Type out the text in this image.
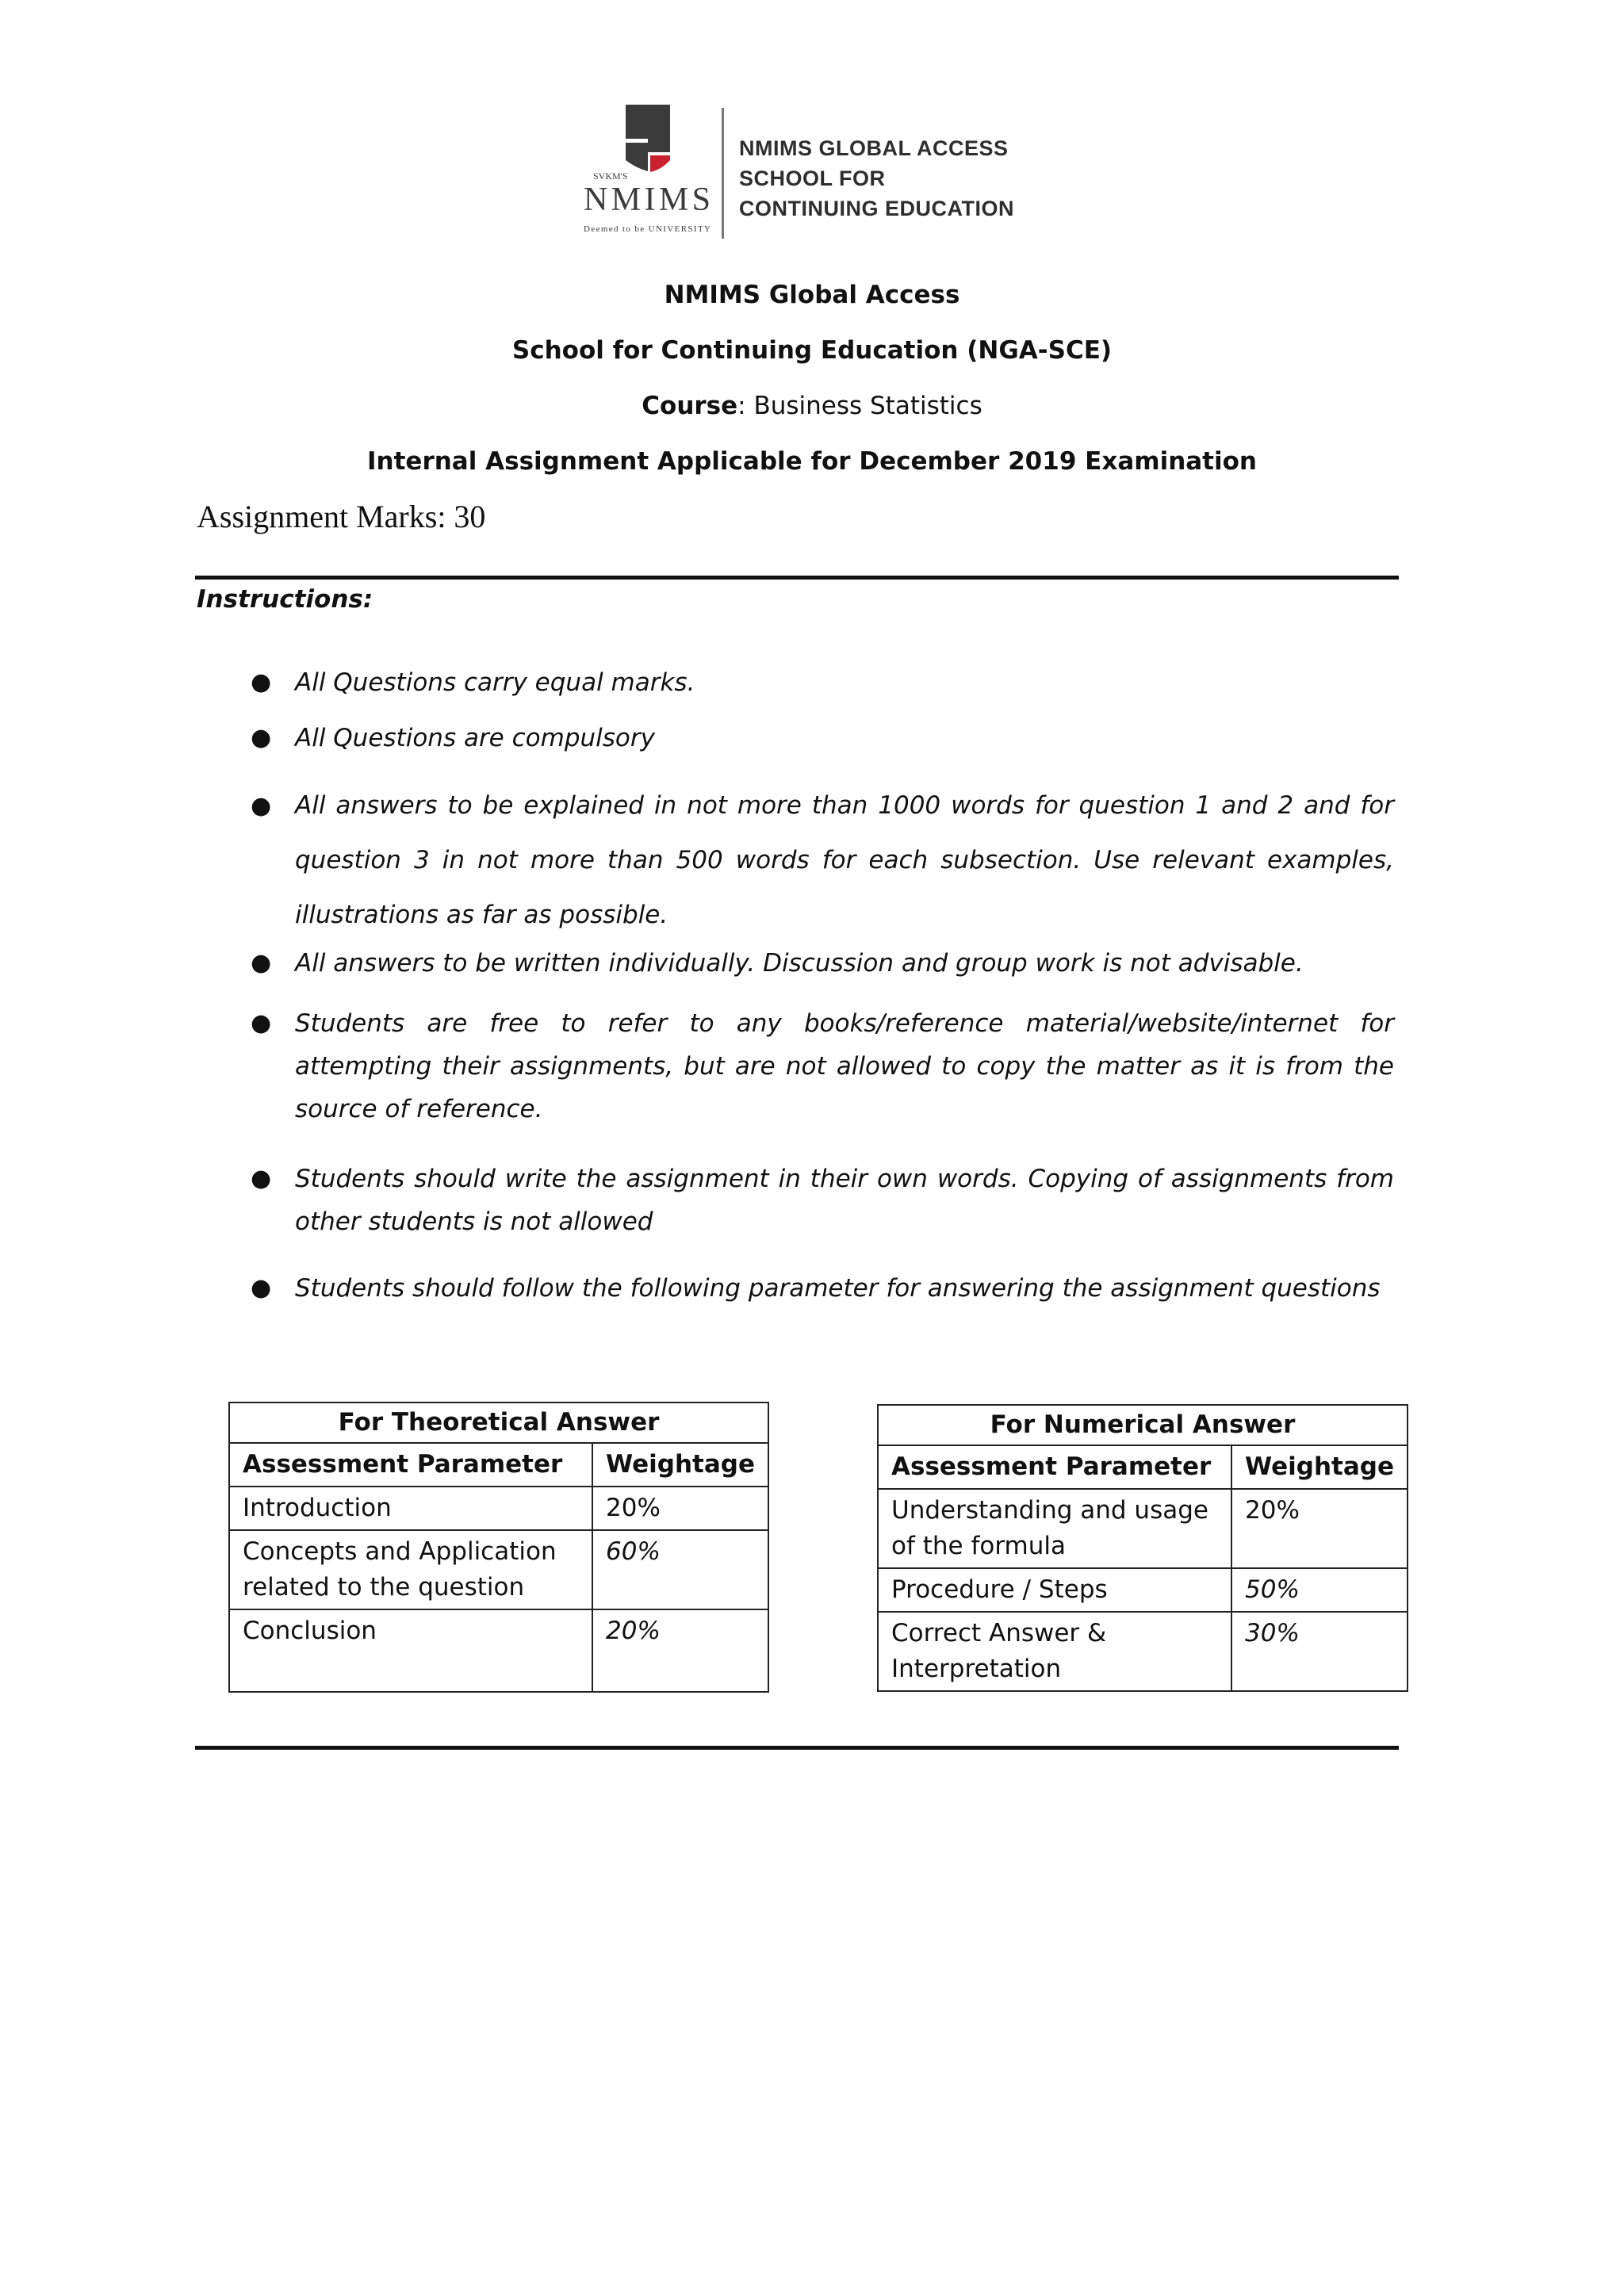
SVKM'S
NMIMS
Deemed to be UNIVERSITY
NMIMS GLOBAL ACCESS
SCHOOL FOR
CONTINUING EDUCATION
NMIMS Global Access
School for Continuing Education (NGA-SCE)
Course: Business Statistics
Internal Assignment Applicable for December 2019 Examination
Assignment Marks: 30
Instructions:
● All Questions carry equal marks.
● All Questions are compulsory
● All answers to be explained in not more than 1000 words for question 1 and 2 and for question 3 in not more than 500 words for each subsection. Use relevant examples, illustrations as far as possible.
● All answers to be written individually. Discussion and group work is not advisable.
● Students are free to refer to any books/reference material/website/internet for attempting their assignments, but are not allowed to copy the matter as it is from the source of reference.
● Students should write the assignment in their own words. Copying of assignments from other students is not allowed
● Students should follow the following parameter for answering the assignment questions
For Theoretical Answer	
Assessment Parameter	Weightage
Introduction	20%
Concepts and Application related to the question	60%
Conclusion	20%
For Numerical Answer	
Assessment Parameter	Weightage
Understanding and usage of the formula	20%
Procedure / Steps	50%
Correct Answer & Interpretation	30%
